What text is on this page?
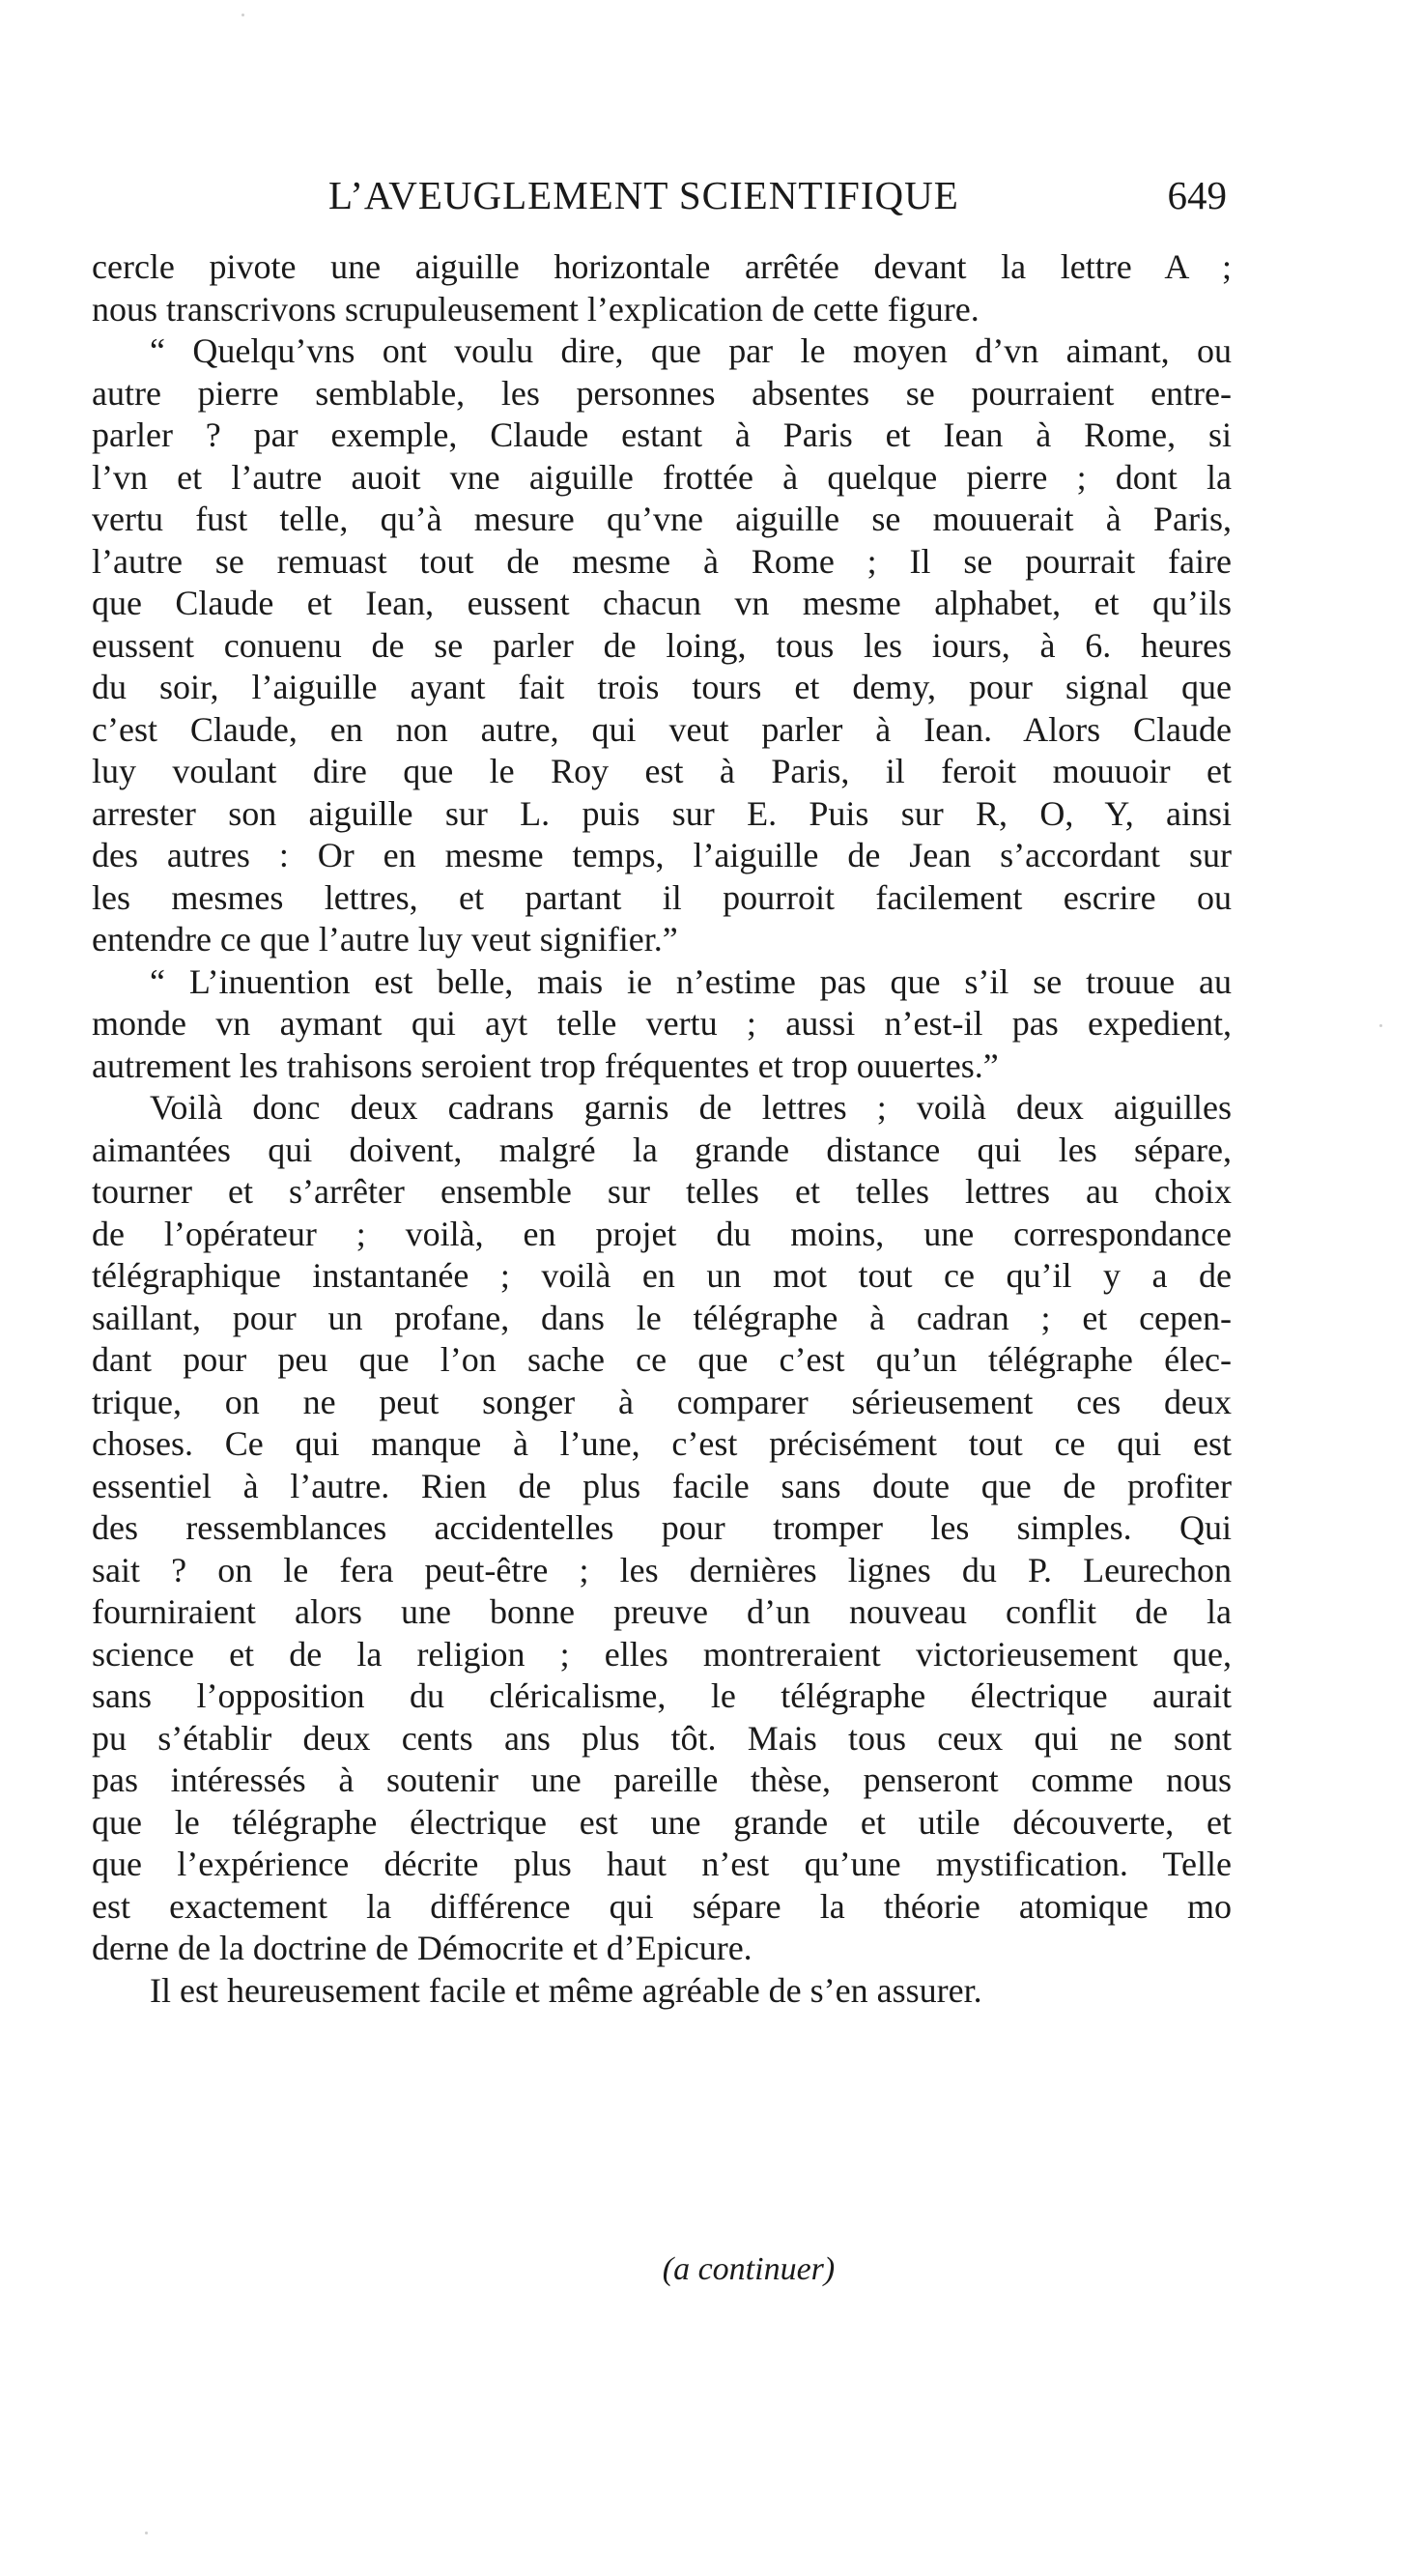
L’AVEUGLEMENT SCIENTIFIQUE	649
cercle pivote une aiguille horizontale arrêtée devant la lettre A ;
nous transcrivons scrupuleusement l’explication de cette figure.
“ Quelqu’vns ont voulu dire, que par le moyen d’vn aimant, ou
autre pierre semblable, les personnes absentes se pourraient entre-
parler ? par exemple, Claude estant à Paris et Iean à Rome, si
l’vn et l’autre auoit vne aiguille frottée à quelque pierre ; dont la
vertu fust telle, qu’à mesure qu’vne aiguille se mouuerait à Paris,
l’autre se remuast tout de mesme à Rome ; Il se pourrait faire
que Claude et Iean, eussent chacun vn mesme alphabet, et qu’ils
eussent conuenu de se parler de loing, tous les iours, à 6. heures
du soir, l’aiguille ayant fait trois tours et demy, pour signal que
c’est Claude, en non autre, qui veut parler à Iean. Alors Claude
luy voulant dire que le Roy est à Paris, il feroit mouuoir et
arrester son aiguille sur L. puis sur E. Puis sur R, O, Y, ainsi
des autres : Or en mesme temps, l’aiguille de Jean s’accordant sur
les mesmes lettres, et partant il pourroit facilement escrire ou
entendre ce que l’autre luy veut signifier.”
“ L’inuention est belle, mais ie n’estime pas que s’il se trouue au
monde vn aymant qui ayt telle vertu ; aussi n’est-il pas expedient,
autrement les trahisons seroient trop fréquentes et trop ouuertes.”
Voilà donc deux cadrans garnis de lettres ; voilà deux aiguilles
aimantées qui doivent, malgré la grande distance qui les sépare,
tourner et s’arrêter ensemble sur telles et telles lettres au choix
de l’opérateur ; voilà, en projet du moins, une correspondance
télégraphique instantanée ; voilà en un mot tout ce qu’il y a de
saillant, pour un profane, dans le télégraphe à cadran ; et cepen-
dant pour peu que l’on sache ce que c’est qu’un télégraphe élec-
trique, on ne peut songer à comparer sérieusement ces deux
choses. Ce qui manque à l’une, c’est précisément tout ce qui est
essentiel à l’autre. Rien de plus facile sans doute que de profiter
des ressemblances accidentelles pour tromper les simples. Qui
sait ? on le fera peut-être ; les dernières lignes du P. Leurechon
fourniraient alors une bonne preuve d’un nouveau conflit de la
science et de la religion ; elles montreraient victorieusement que,
sans l’opposition du cléricalisme, le télégraphe électrique aurait
pu s’établir deux cents ans plus tôt. Mais tous ceux qui ne sont
pas intéressés à soutenir une pareille thèse, penseront comme nous
que le télégraphe électrique est une grande et utile découverte, et
que l’expérience décrite plus haut n’est qu’une mystification. Telle
est exactement la différence qui sépare la théorie atomique mo
derne de la doctrine de Démocrite et d’Epicure.
Il est heureusement facile et même agréable de s’en assurer.
(a continuer)
